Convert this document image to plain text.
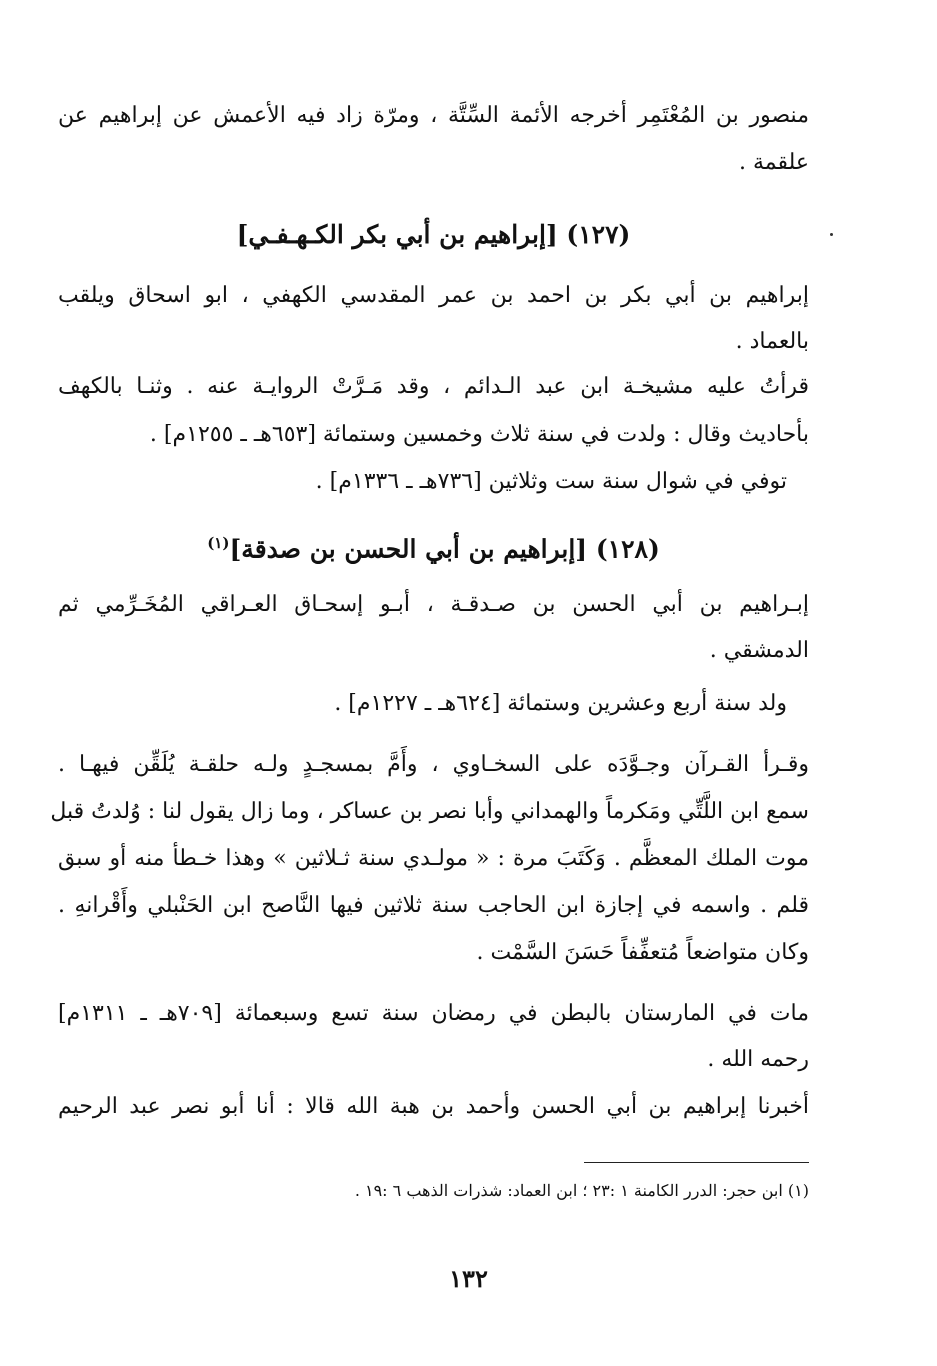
منصور بن المُعْتَمِر أخرجه الأئمة السِّتَّة ، ومرّة زاد فيه الأعمش عن إبراهيم عن
علقمة .
(١٢٧) [إبراهيم بن أبي بكر الكـهـفـي]
إبراهيم بن أبي بكر بن احمد بن عمر المقدسي الكهفي ، ابو اسحاق ويلقب
بالعماد .
قرأتُ عليه مشيخـة ابن عبد الـدائم ، وقد مَـرَّتْ الروايـة عنه . وثنـا بالكهف
بأحاديث وقال : ولدت في سنة ثلاث وخمسين وستمائة [٦٥٣هـ ـ ١٢٥٥م] .
توفي في شوال سنة ست وثلاثين [٧٣٦هـ ـ ١٣٣٦م] .
(١٢٨) [إبراهيم بن أبي الحسن بن صدقة]$^{(١)}$
إبـراهيم بن أبي الحسن بن صـدقـة ، أبـو إسحـاق العـراقي المُخَـرِّمي ثم
الدمشقي .
ولد سنة أربع وعشرين وستمائة [٦٢٤هـ ـ ١٢٢٧م] .
وقـرأ القـرآن وجـوَّدَه على السخـاوي ، وأَمَّ بمسجـدٍ ولـه حلقـة يُلَقِّن فيهـا .
سمع ابن اللَّتِّي ومَكرماً والهمداني وأبا نصر بن عساكر ، وما زال يقول لنا : وُلدتُ قبل
موت الملك المعظَّم . وَكَتَبَ مرة : « مولـدي سنة ثـلاثين » وهذا خـطأ منه أو سبق
قلم . واسمه في إجازة ابن الحاجب سنة ثلاثين فيها النَّاصح ابن الحَنْبلي وأَقْرانهِ .
وكان متواضعاً مُتعفِّفاً حَسَنَ السَّمْت .
مات في المارستان بالبطن في رمضان سنة تسع وسبعمائة [٧٠٩هـ ـ ١٣١١م]
رحمه الله .
أخبرنا إبراهيم بن أبي الحسن وأحمد بن هبة الله قالا : أنا أبو نصر عبد الرحيم
(١) ابن حجر: الدرر الكامنة ١ :٢٣ ؛ ابن العماد: شذرات الذهب ٦ :١٩ .
١٣٢
